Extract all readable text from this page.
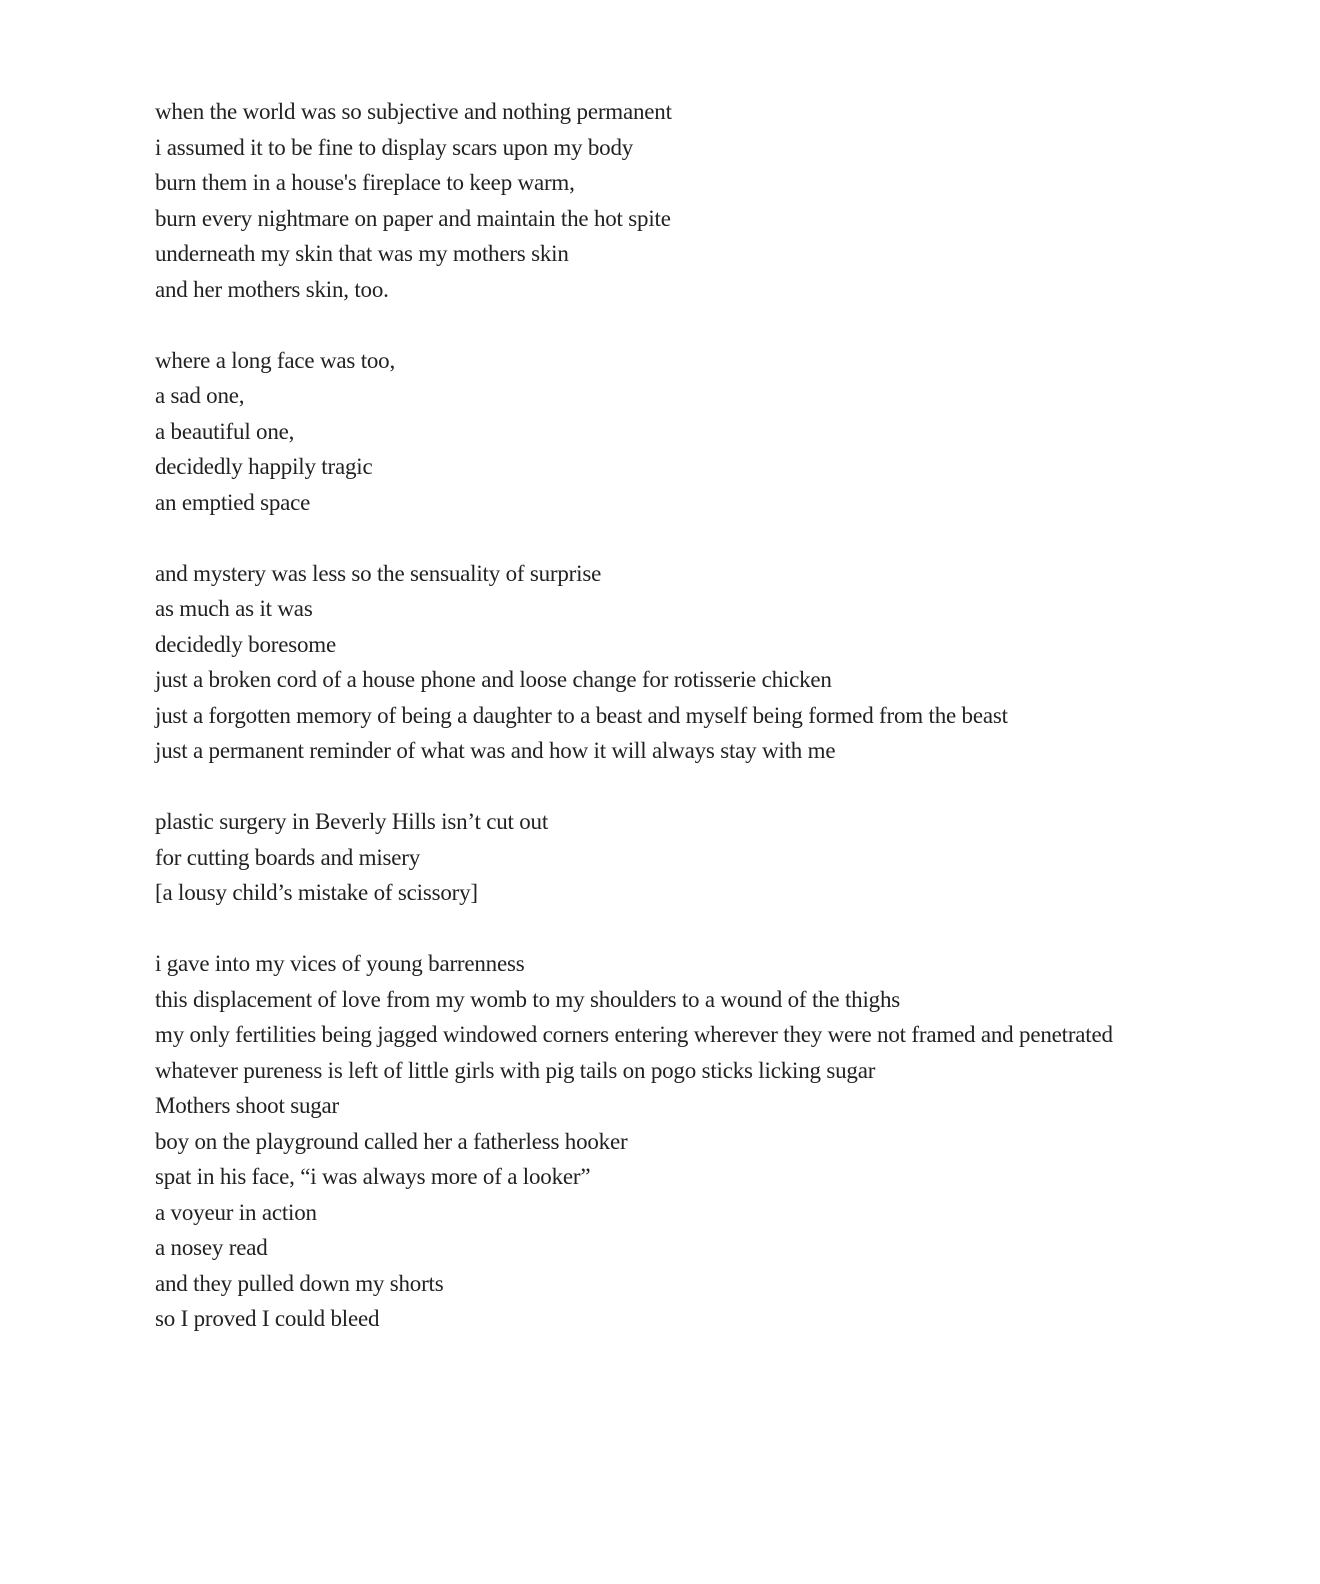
when the world was so subjective and nothing permanent
i assumed it to be fine to display scars upon my body
burn them in a house's fireplace to keep warm,
burn every nightmare on paper and maintain the hot spite
underneath my skin that was my mothers skin
and her mothers skin, too.
where a long face was too,
a sad one,
a beautiful one,
decidedly happily tragic
an emptied space
and mystery was less so the sensuality of surprise
as much as it was
decidedly boresome
just a broken cord of a house phone and loose change for rotisserie chicken
just a forgotten memory of being a daughter to a beast and myself being formed from the beast
just a permanent reminder of what was and how it will always stay with me
plastic surgery in Beverly Hills isn’t cut out
for cutting boards and misery
[a lousy child’s mistake of scissory]
i gave into my vices of young barrenness
this displacement of love from my womb to my shoulders to a wound of the thighs
my only fertilities being jagged windowed corners entering wherever they were not framed and penetrated
whatever pureness is left of little girls with pig tails on pogo sticks licking sugar
Mothers shoot sugar
boy on the playground called her a fatherless hooker
spat in his face, “i was always more of a looker”
a voyeur in action
a nosey read
and they pulled down my shorts
so I proved I could bleed
